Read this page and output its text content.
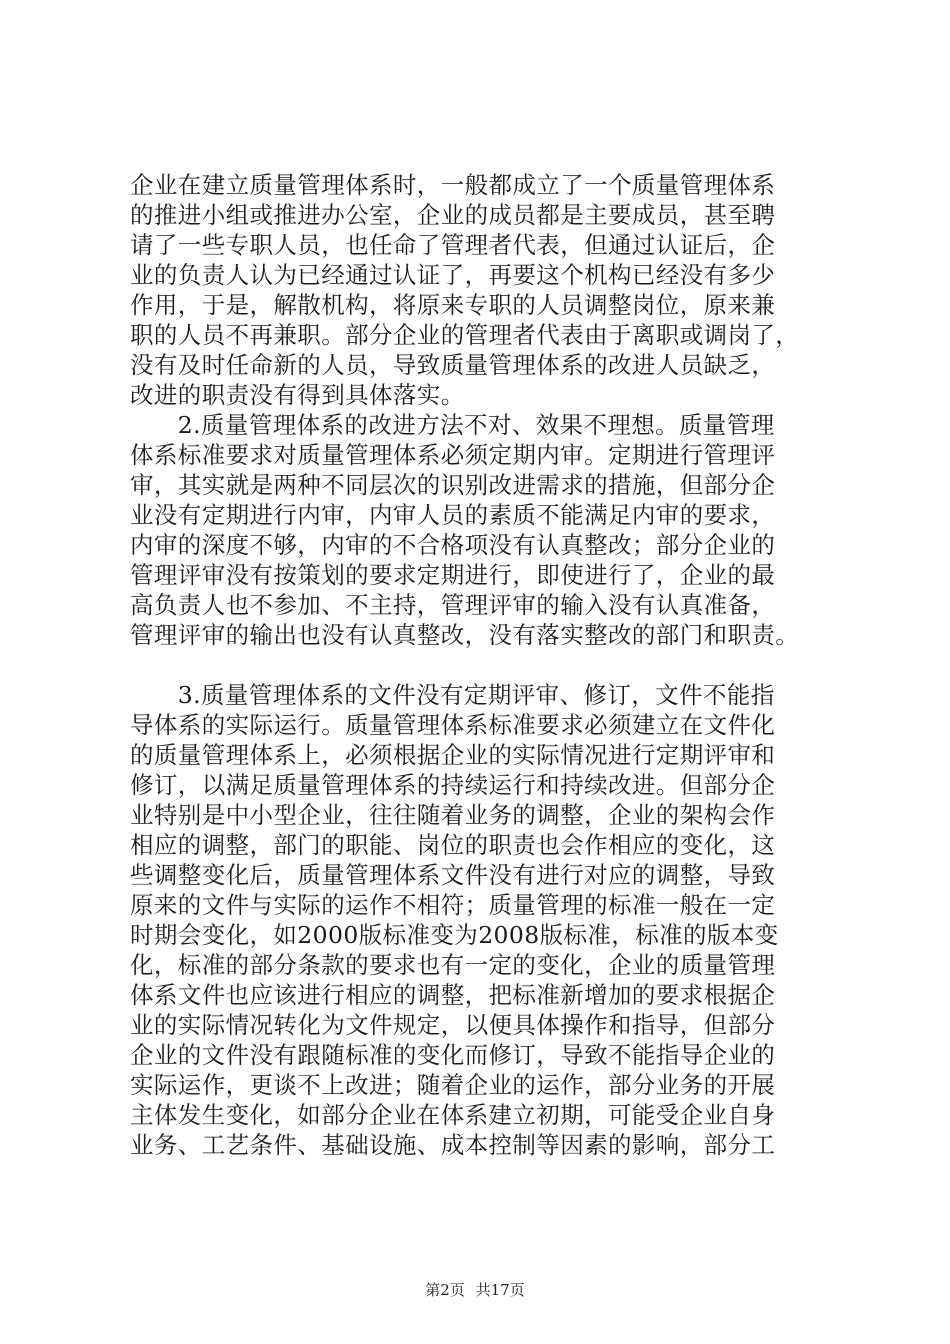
企业在建立质量管理体系时，一般都成立了一个质量管理体系
的推进小组或推进办公室，企业的成员都是主要成员，甚至聘
请了一些专职人员，也任命了管理者代表，但通过认证后，企
业的负责人认为已经通过认证了，再要这个机构已经没有多少
作用，于是，解散机构，将原来专职的人员调整岗位，原来兼
职的人员不再兼职。部分企业的管理者代表由于离职或调岗了，
没有及时任命新的人员，导致质量管理体系的改进人员缺乏，
改进的职责没有得到具体落实。
　　2.质量管理体系的改进方法不对、效果不理想。质量管理
体系标准要求对质量管理体系必须定期内审。定期进行管理评
审，其实就是两种不同层次的识别改进需求的措施，但部分企
业没有定期进行内审，内审人员的素质不能满足内审的要求，
内审的深度不够，内审的不合格项没有认真整改；部分企业的
管理评审没有按策划的要求定期进行，即使进行了，企业的最
高负责人也不参加、不主持，管理评审的输入没有认真准备，
管理评审的输出也没有认真整改，没有落实整改的部门和职责。
　　3.质量管理体系的文件没有定期评审、修订，文件不能指
导体系的实际运行。质量管理体系标准要求必须建立在文件化
的质量管理体系上，必须根据企业的实际情况进行定期评审和
修订，以满足质量管理体系的持续运行和持续改进。但部分企
业特别是中小型企业，往往随着业务的调整，企业的架构会作
相应的调整，部门的职能、岗位的职责也会作相应的变化，这
些调整变化后，质量管理体系文件没有进行对应的调整，导致
原来的文件与实际的运作不相符；质量管理的标准一般在一定
时期会变化，如2000版标准变为2008版标准，标准的版本变
化，标准的部分条款的要求也有一定的变化，企业的质量管理
体系文件也应该进行相应的调整，把标准新增加的要求根据企
业的实际情况转化为文件规定，以便具体操作和指导，但部分
企业的文件没有跟随标准的变化而修订，导致不能指导企业的
实际运作，更谈不上改进；随着企业的运作，部分业务的开展
主体发生变化，如部分企业在体系建立初期，可能受企业自身
业务、工艺条件、基础设施、成本控制等因素的影响，部分工
第2页 共17页
